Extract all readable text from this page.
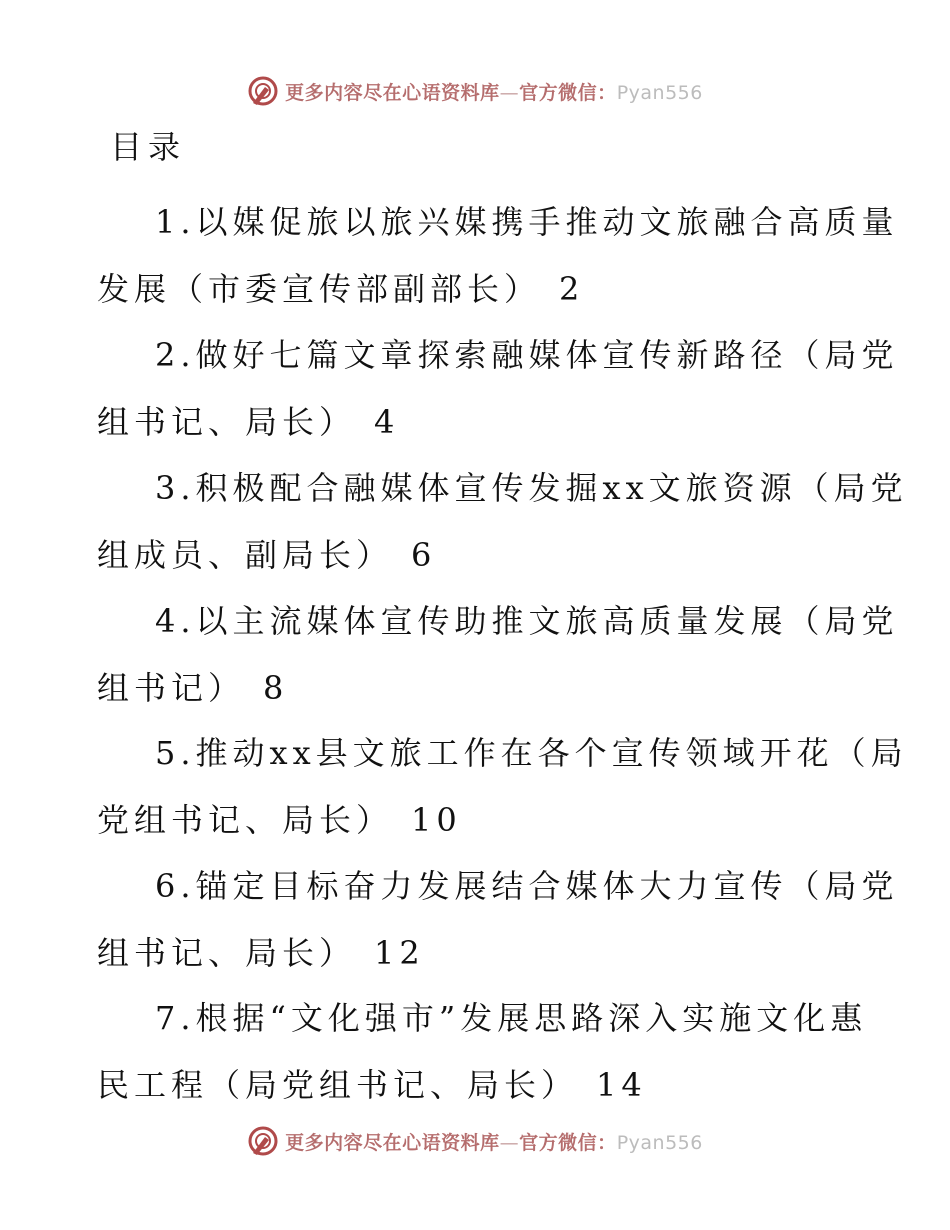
更多内容尽在心语资料库—官方微信：Pyan556
目录
1.以媒促旅以旅兴媒携手推动文旅融合高质量
发展（市委宣传部副部长） 2
2.做好七篇文章探索融媒体宣传新路径（局党
组书记、局长） 4
3.积极配合融媒体宣传发掘xx文旅资源（局党
组成员、副局长） 6
4.以主流媒体宣传助推文旅高质量发展（局党
组书记） 8
5.推动xx县文旅工作在各个宣传领域开花（局
党组书记、局长） 10
6.锚定目标奋力发展结合媒体大力宣传（局党
组书记、局长） 12
7.根据“文化强市”发展思路深入实施文化惠
民工程（局党组书记、局长） 14
更多内容尽在心语资料库—官方微信：Pyan556
